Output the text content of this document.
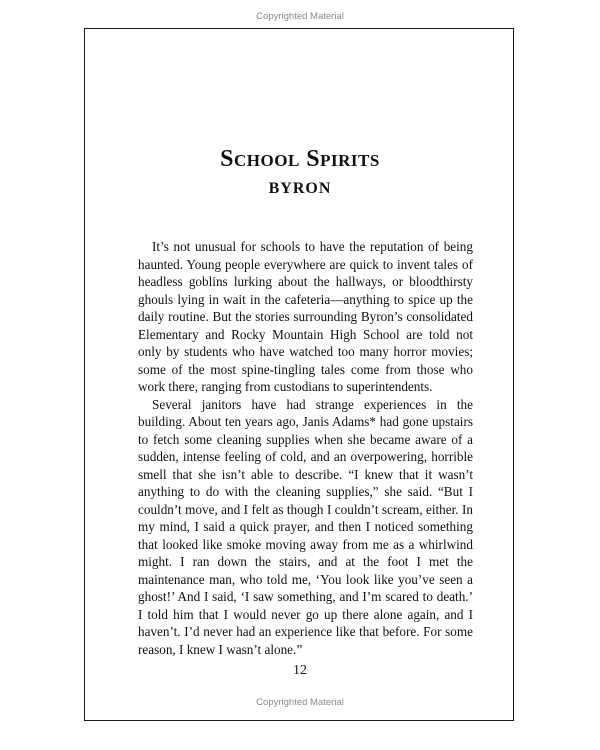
Copyrighted Material
School Spirits
BYRON

It’s not unusual for schools to have the reputation of being haunted. Young people everywhere are quick to invent tales of headless goblins lurking about the hallways, or bloodthirsty ghouls lying in wait in the cafeteria—anything to spice up the daily routine. But the stories surrounding Byron’s consolidated Elementary and Rocky Mountain High School are told not only by students who have watched too many horror movies; some of the most spine-tingling tales come from those who work there, ranging from custodians to superintendents.

Several janitors have had strange experiences in the building. About ten years ago, Janis Adams* had gone upstairs to fetch some cleaning supplies when she became aware of a sudden, intense feeling of cold, and an overpowering, horrible smell that she isn’t able to describe. “I knew that it wasn’t anything to do with the cleaning supplies,” she said. “But I couldn’t move, and I felt as though I couldn’t scream, either. In my mind, I said a quick prayer, and then I noticed something that looked like smoke moving away from me as a whirlwind might. I ran down the stairs, and at the foot I met the maintenance man, who told me, ‘You look like you’ve seen a ghost!’ And I said, ‘I saw something, and I’m scared to death.’ I told him that I would never go up there alone again, and I haven’t. I’d never had an experience like that before. For some reason, I knew I wasn’t alone.”

12
Copyrighted Material
